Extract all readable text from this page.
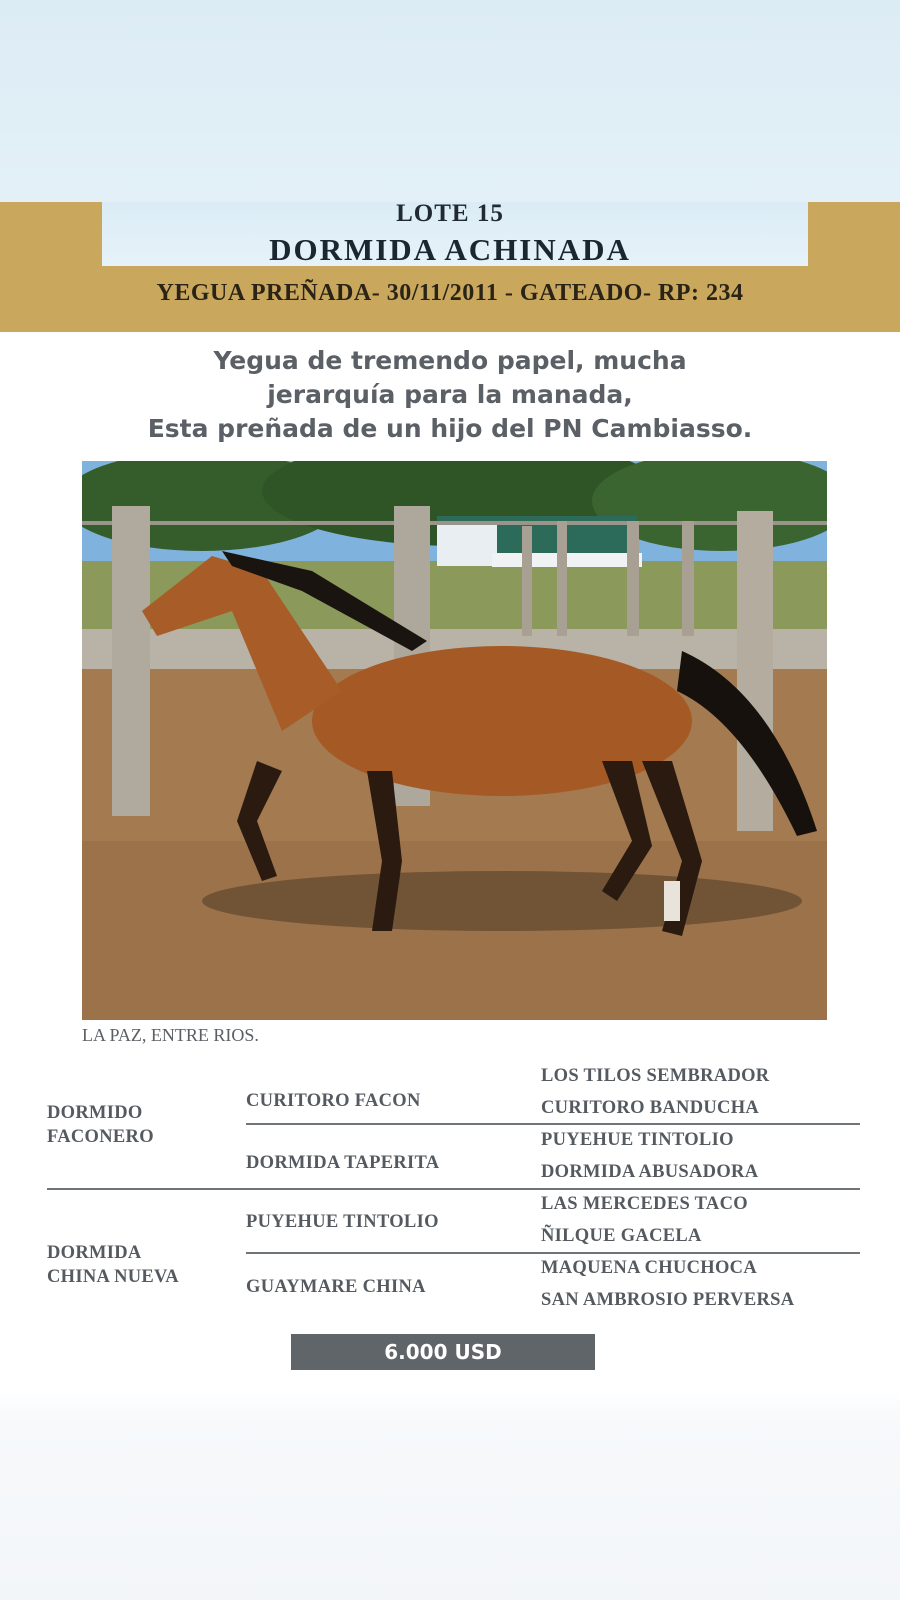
LOTE 15
DORMIDA ACHINADA
YEGUA PREÑADA- 30/11/2011 - GATEADO- RP: 234
Yegua de tremendo papel, mucha
jerarquía para la manada,
Esta preñada de un hijo del PN Cambiasso.
LA PAZ, ENTRE RIOS.
DORMIDO
FACONERO
DORMIDA
CHINA NUEVA
CURITORO FACON
DORMIDA TAPERITA
PUYEHUE TINTOLIO
GUAYMARE CHINA
LOS TILOS SEMBRADOR
CURITORO BANDUCHA
PUYEHUE TINTOLIO
DORMIDA ABUSADORA
LAS MERCEDES TACO
ÑILQUE GACELA
MAQUENA CHUCHOCA
SAN AMBROSIO PERVERSA
6.000 USD
